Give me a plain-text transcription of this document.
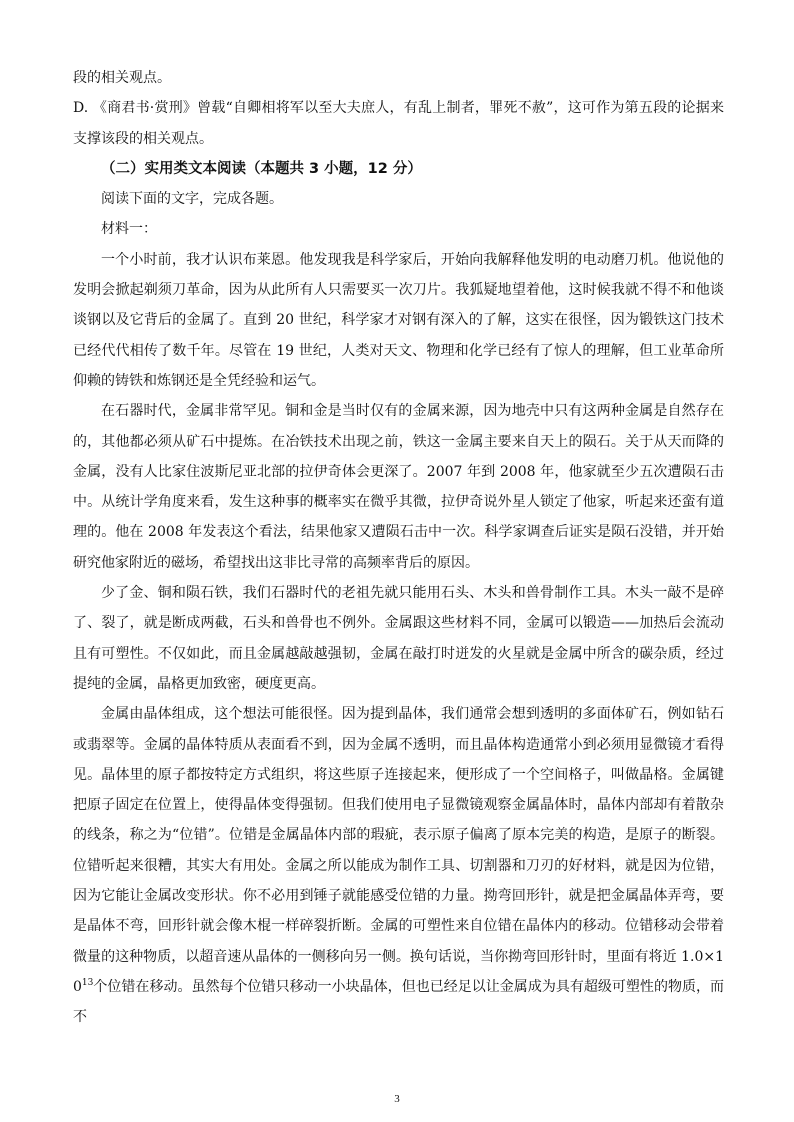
段的相关观点。

D. 《商君书·赏刑》曾载“自卿相将军以至大夫庶人，有乱上制者，罪死不赦”，这可作为第五段的论据来支撑该段的相关观点。

（二）实用类文本阅读（本题共 3 小题，12 分）

阅读下面的文字，完成各题。

材料一：

一个小时前，我才认识布莱恩。他发现我是科学家后，开始向我解释他发明的电动磨刀机。他说他的发明会掀起剃须刀革命，因为从此所有人只需要买一次刀片。我狐疑地望着他，这时候我就不得不和他谈谈钢以及它背后的金属了。直到 20 世纪，科学家才对钢有深入的了解，这实在很怪，因为锻铁这门技术已经代代相传了数千年。尽管在 19 世纪，人类对天文、物理和化学已经有了惊人的理解，但工业革命所仰赖的铸铁和炼钢还是全凭经验和运气。

在石器时代，金属非常罕见。铜和金是当时仅有的金属来源，因为地壳中只有这两种金属是自然存在的，其他都必须从矿石中提炼。在冶铁技术出现之前，铁这一金属主要来自天上的陨石。关于从天而降的金属，没有人比家住波斯尼亚北部的拉伊奇体会更深了。2007 年到 2008 年，他家就至少五次遭陨石击中。从统计学角度来看，发生这种事的概率实在微乎其微，拉伊奇说外星人锁定了他家，听起来还蛮有道理的。他在 2008 年发表这个看法，结果他家又遭陨石击中一次。科学家调查后证实是陨石没错，并开始研究他家附近的磁场，希望找出这非比寻常的高频率背后的原因。

少了金、铜和陨石铁，我们石器时代的老祖先就只能用石头、木头和兽骨制作工具。木头一敲不是碎了、裂了，就是断成两截，石头和兽骨也不例外。金属跟这些材料不同，金属可以锻造——加热后会流动且有可塑性。不仅如此，而且金属越敲越强韧，金属在敲打时迸发的火星就是金属中所含的碳杂质，经过提纯的金属，晶格更加致密，硬度更高。

金属由晶体组成，这个想法可能很怪。因为提到晶体，我们通常会想到透明的多面体矿石，例如钻石或翡翠等。金属的晶体特质从表面看不到，因为金属不透明，而且晶体构造通常小到必须用显微镜才看得见。晶体里的原子都按特定方式组织，将这些原子连接起来，便形成了一个空间格子，叫做晶格。金属键把原子固定在位置上，使得晶体变得强韧。但我们使用电子显微镜观察金属晶体时，晶体内部却有着散杂的线条，称之为“位错”。位错是金属晶体内部的瑕疵，表示原子偏离了原本完美的构造，是原子的断裂。位错听起来很糟，其实大有用处。金属之所以能成为制作工具、切割器和刀刃的好材料，就是因为位错，因为它能让金属改变形状。你不必用到锤子就能感受位错的力量。拗弯回形针，就是把金属晶体弄弯，要是晶体不弯，回形针就会像木棍一样碎裂折断。金属的可塑性来自位错在晶体内的移动。位错移动会带着微量的这种物质，以超音速从晶体的一侧移向另一侧。换句话说，当你拗弯回形针时，里面有将近 $1.0\times 10^{13}$个位错在移动。虽然每个位错只移动一小块晶体，但也已经足以让金属成为具有超级可塑性的物质，而不

3
